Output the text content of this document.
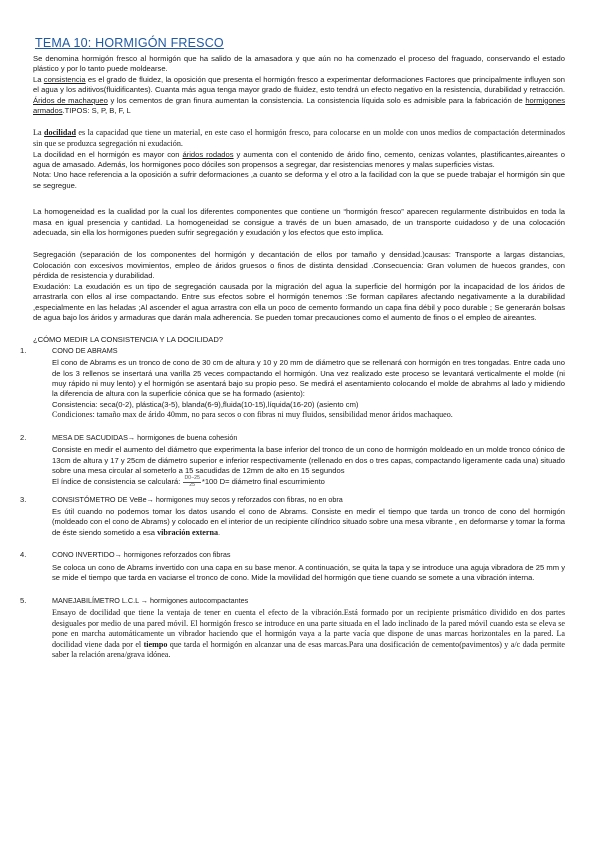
TEMA 10: HORMIGÓN FRESCO

Se denomina hormigón fresco al hormigón que ha salido de la amasadora y que aún no ha comenzado el proceso del fraguado, conservando el estado plástico y por lo tanto puede moldearse.

La consistencia es el grado de fluidez, la oposición que presenta el hormigón fresco a experimentar deformaciones Factores que principalmente influyen son el agua y los aditivos(fluidificantes). Cuanta más agua tenga mayor grado de fluidez, esto tendrá un efecto negativo en la resistencia, durabilidad y retracción. Áridos de machaqueo y los cementos de gran finura aumentan la consistencia. La consistencia líquida solo es admisible para la fabricación de hormigones armados.TIPOS: S, P, B, F, L

La docilidad es la capacidad que tiene un material, en este caso el hormigón fresco, para colocarse en un molde con unos medios de compactación determinados sin que se produzca segregación ni exudación.

La docilidad en el hormigón es mayor con áridos rodados y aumenta con el contenido de árido fino, cemento, cenizas volantes, plastificantes,aireantes o agua de amasado. Además, los hormigones poco dóciles son propensos a segregar, dar resistencias menores y malas superficies vistas.

Nota: Uno hace referencia a la oposición a sufrir deformaciones ,a cuanto se deforma y el otro a la facilidad con la que se puede trabajar el hormigón sin que se segregue.

La homogeneidad es la cualidad por la cual los diferentes componentes que contiene un “hormigón fresco” aparecen regularmente distribuidos en toda la masa en igual presencia y cantidad. La homogeneidad se consigue a través de un buen amasado, de un transporte cuidadoso y de una colocación adecuada, sin ella los hormigones pueden sufrir segregación y exudación y los efectos que esto implica.

Segregación (separación de los componentes del hormigón y decantación de ellos por tamaño y densidad.)causas: Transporte a largas distancias, Colocación con excesivos movimientos, empleo de áridos gruesos o finos de distinta densidad .Consecuencia: Gran volumen de huecos grandes, con pérdida de resistencia y durabilidad.

Exudación: La exudación es un tipo de segregación causada por la migración del agua la superficie del hormigón por la incapacidad de los áridos de arrastrarla con ellos al irse compactando. Entre sus efectos sobre el hormigón tenemos :Se forman capilares afectando negativamente a la durabilidad ,especialmente en las heladas ;Al ascender el agua arrastra con ella un poco de cemento formando un capa fina débil y poco durable ; Se generarán bolsas de agua bajo los áridos y armaduras que darán mala adherencia. Se pueden tomar precauciones como el aumento de finos o el empleo de aireantes.

¿CÓMO MEDIR LA CONSISTENCIA Y LA DOCILIDAD?

1.	CONO DE ABRAMS

El cono de Abrams es un tronco de cono de 30 cm de altura y 10 y 20 mm de diámetro que se rellenará con hormigón en tres tongadas. Entre cada uno de los 3 rellenos se insertará una varilla 25 veces compactando el hormigón. Una vez realizado este proceso se levantará verticalmente el molde (ni muy rápido ni muy lento) y el hormigón se asentará bajo su propio peso. Se medirá el asentamiento colocando el molde de abrahms al lado y midiendo la diferencia de altura con la superficie cónica que se ha formado (asiento):

Consistencia: seca(0-2), plástica(3-5), blanda(6-9),fluida(10-15),líquida(16-20) (asiento cm)

Condiciones: tamaño max de árido 40mm, no para secos o con fibras ni muy fluidos, sensibilidad menor áridos machaqueo.

2.	MESA DE SACUDIDAS→ hormigones de buena cohesión

Consiste en medir el aumento del diámetro que experimenta la base inferior del tronco de un cono de hormigón moldeado en un molde tronco cónico de 13cm de altura y 17 y 25cm de diámetro superior e inferior respectivamente (rellenado en dos o tres capas, compactando ligeramente cada una) situado sobre una mesa circular al someterlo a 15 sacudidas de 12mm de alto en 15 segundos

El índice de consistencia se calculará: $\frac{D0-25}{25} *100$ D= diámetro final escurrimiento

3.	CONSISTÓMETRO DE VeBe→ hormigones muy secos y reforzados con fibras, no en obra

Es útil cuando no podemos tomar los datos usando el cono de Abrams. Consiste en medir el tiempo que tarda un tronco de cono del hormigón (moldeado con el cono de Abrams) y colocado en el interior de un recipiente cilíndrico situado sobre una mesa vibrante , en deformarse y tomar la forma de éste siendo sometido a esa vibración externa.

4.	CONO INVERTIDO→ hormigones reforzados con fibras

Se coloca un cono de Abrams invertido con una capa en su base menor. A continuación, se quita la tapa y se introduce una aguja vibradora de 25 mm y se mide el tiempo que tarda en vaciarse el tronco de cono. Mide la movilidad del hormigón que tiene cuando se somete a una vibración interna.

5.	MANEJABILÍMETRO L.C.L → hormigones autocompactantes

Ensayo de docilidad que tiene la ventaja de tener en cuenta el efecto de la vibración.Está formado por un recipiente prismático dividido en dos partes desiguales por medio de una pared móvil. El hormigón fresco se introduce en una parte situada en el lado inclinado de la pared móvil cuando esta se eleva se pone en marcha automáticamente un vibrador haciendo que el hormigón vaya a la parte vacía que dispone de unas marcas horizontales en la pared. La docilidad viene dada por el tiempo que tarda el hormigón en alcanzar una de esas marcas.Para una dosificación de cemento(pavimentos) y a/c dada permite saber la relación arena/grava idónea.
